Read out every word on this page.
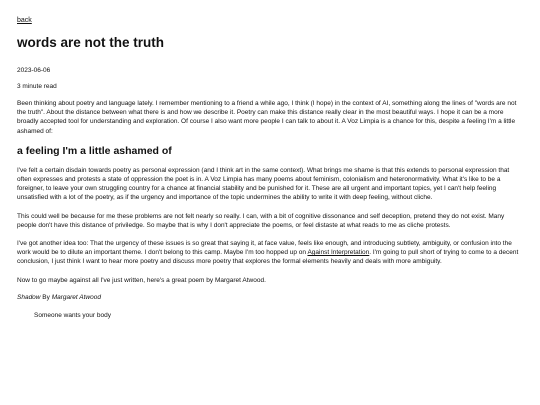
back
words are not the truth
2023-06-06
3 minute read

Been thinking about poetry and language lately. I remember mentioning to a friend a while ago, I think (I hope) in the context of AI, something along the lines of "words are not the truth". About the distance between what there is and how we describe it. Poetry can make this distance really clear in the most beautiful ways. I hope it can be a more broadly accepted tool for understanding and exploration. Of course I also want more people I can talk to about it. A Voz Limpia is a chance for this, despite a feeling I'm a little ashamed of:

a feeling I'm a little ashamed of

I've felt a certain disdain towards poetry as personal expression (and I think art in the same context). What brings me shame is that this extends to personal expression that often expresses and protests a state of oppression the poet is in. A Voz Limpia has many poems about feminism, colonialism and heteronormativity. What it's like to be a foreigner, to leave your own struggling country for a chance at financial stability and be punished for it. These are all urgent and important topics, yet I can't help feeling unsatisfied with a lot of the poetry, as if the urgency and importance of the topic undermines the ability to write it with deep feeling, without cliche.

This could well be because for me these problems are not felt nearly so really. I can, with a bit of cognitive dissonance and self deception, pretend they do not exist. Many people don't have this distance of priviledge. So maybe that is why I don't appreciate the poems, or feel distaste at what reads to me as cliche protests.

I've got another idea too: That the urgency of these issues is so great that saying it, at face value, feels like enough, and introducing subtlety, ambiguity, or confusion into the work would be to dilute an important theme. I don't belong to this camp. Maybe I'm too hopped up on Against Interpretation. I'm going to pull short of trying to come to a decent conclusion, I just think I want to hear more poetry and discuss more poetry that explores the formal elements heavily and deals with more ambiguity.

Now to go maybe against all I've just written, here's a great poem by Margaret Atwood.

Shadow By Margaret Atwood
Someone wants your body
